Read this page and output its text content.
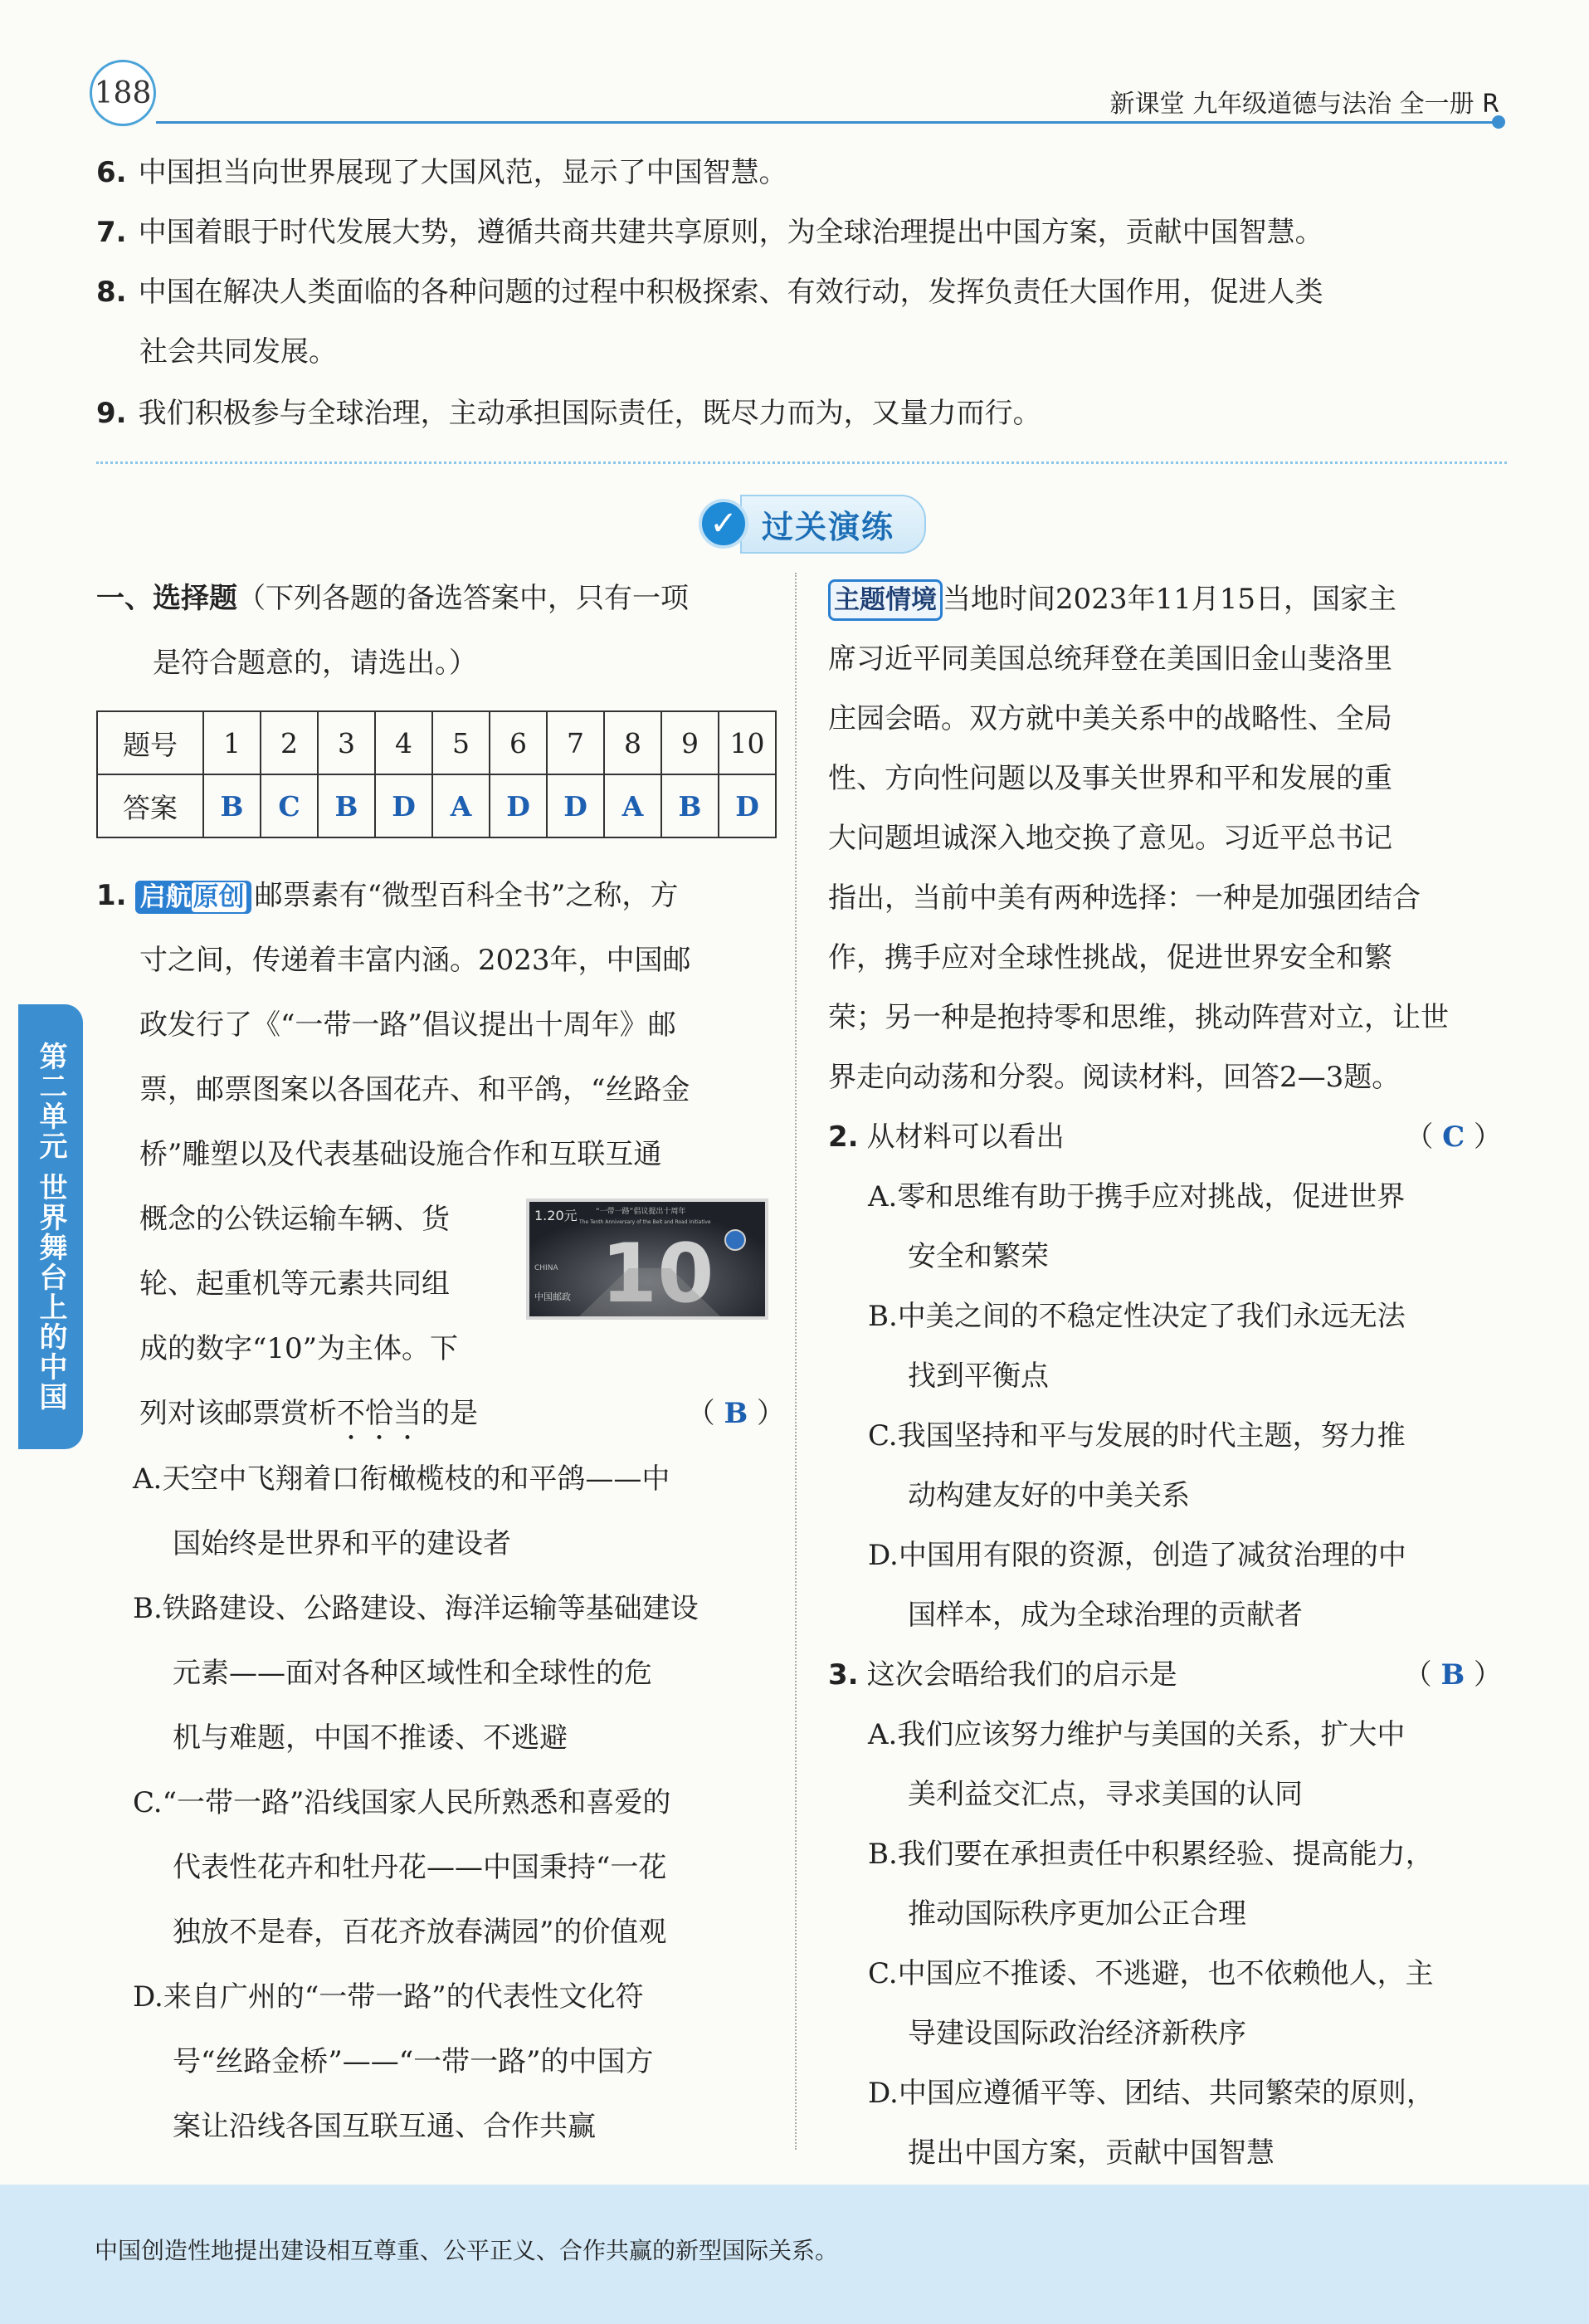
188	新课堂 九年级道德与法治 全一册 R
6. 中国担当向世界展现了大国风范，显示了中国智慧。
7. 中国着眼于时代发展大势，遵循共商共建共享原则，为全球治理提出中国方案，贡献中国智慧。
8. 中国在解决人类面临的各种问题的过程中积极探索、有效行动，发挥负责任大国作用，促进人类
社会共同发展。
9. 我们积极参与全球治理，主动承担国际责任，既尽力而为，又量力而行。
✓ 过关演练
一、选择题（下列各题的备选答案中，只有一项
是符合题意的，请选出。）
题号	1	2	3	4	5	6	7	8	9	10
答案	B	C	B	D	A	D	D	A	B	D
1. 启航原创 邮票素有“微型百科全书”之称，方
寸之间，传递着丰富内涵。2023年，中国邮
政发行了《“一带一路”倡议提出十周年》邮
票，邮票图案以各国花卉、和平鸽，“丝路金
桥”雕塑以及代表基础设施合作和互联互通
概念的公铁运输车辆、货
轮、起重机等元素共同组
成的数字“10”为主体。下
列对该邮票赏析不恰当的是	（ B ）
A.天空中飞翔着口衔橄榄枝的和平鸽——中
国始终是世界和平的建设者
B.铁路建设、公路建设、海洋运输等基础建设
元素——面对各种区域性和全球性的危
机与难题，中国不推诿、不逃避
C.“一带一路”沿线国家人民所熟悉和喜爱的
代表性花卉和牡丹花——中国秉持“一花
独放不是春，百花齐放春满园”的价值观
D.来自广州的“一带一路”的代表性文化符
号“丝路金桥”——“一带一路”的中国方
案让沿线各国互联互通、合作共赢
1.20元 “一带一路”倡议提出十周年
The Tenth Anniversary of the Belt and Road Initiative
10
CHINA
中国邮政
第二单元 世界舞台上的中国
主题情境 当地时间2023年11月15日，国家主
席习近平同美国总统拜登在美国旧金山斐洛里
庄园会晤。双方就中美关系中的战略性、全局
性、方向性问题以及事关世界和平和发展的重
大问题坦诚深入地交换了意见。习近平总书记
指出，当前中美有两种选择：一种是加强团结合
作，携手应对全球性挑战，促进世界安全和繁
荣；另一种是抱持零和思维，挑动阵营对立，让世
界走向动荡和分裂。阅读材料，回答2—3题。
2. 从材料可以看出	（ C ）
A.零和思维有助于携手应对挑战，促进世界
安全和繁荣
B.中美之间的不稳定性决定了我们永远无法
找到平衡点
C.我国坚持和平与发展的时代主题，努力推
动构建友好的中美关系
D.中国用有限的资源，创造了减贫治理的中
国样本，成为全球治理的贡献者
3. 这次会晤给我们的启示是	（ B ）
A.我们应该努力维护与美国的关系，扩大中
美利益交汇点，寻求美国的认同
B.我们要在承担责任中积累经验、提高能力，
推动国际秩序更加公正合理
C.中国应不推诿、不逃避，也不依赖他人，主
导建设国际政治经济新秩序
D.中国应遵循平等、团结、共同繁荣的原则，
提出中国方案，贡献中国智慧
中国创造性地提出建设相互尊重、公平正义、合作共赢的新型国际关系。
